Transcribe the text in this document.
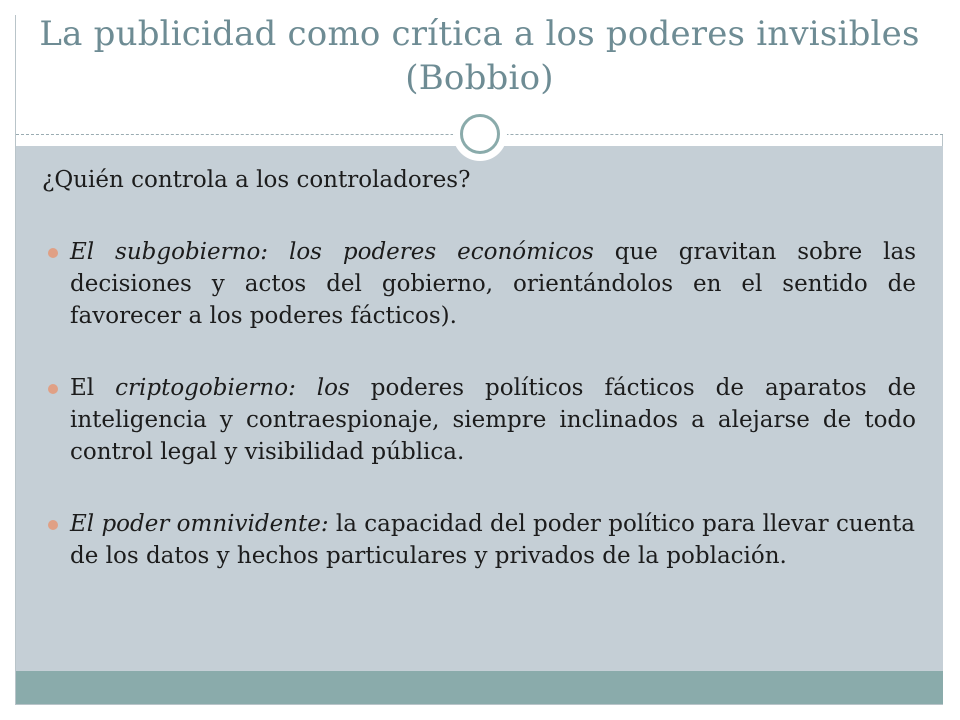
La publicidad como crítica a los poderes invisibles (Bobbio)

¿Quién controla a los controladores?

El subgobierno: los poderes económicos que gravitan sobre las decisiones y actos del gobierno, orientándolos en el sentido de favorecer a los poderes fácticos).
El criptogobierno: los poderes políticos fácticos de aparatos de inteligencia y contraespionaje, siempre inclinados a alejarse de todo control legal y visibilidad pública.
El poder omnividente: la capacidad del poder político para llevar cuenta de los datos y hechos particulares y privados de la población.
